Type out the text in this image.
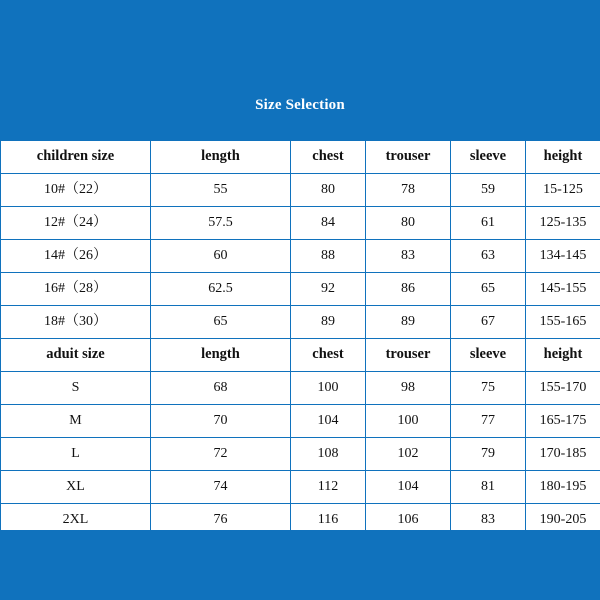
Size Selection
children size	length	chest	trouser	sleeve	height
10#（22）	55	80	78	59	15-125
12#（24）	57.5	84	80	61	125-135
14#（26）	60	88	83	63	134-145
16#（28）	62.5	92	86	65	145-155
18#（30）	65	89	89	67	155-165
aduit size	length	chest	trouser	sleeve	height
S	68	100	98	75	155-170
M	70	104	100	77	165-175
L	72	108	102	79	170-185
XL	74	112	104	81	180-195
2XL	76	116	106	83	190-205
